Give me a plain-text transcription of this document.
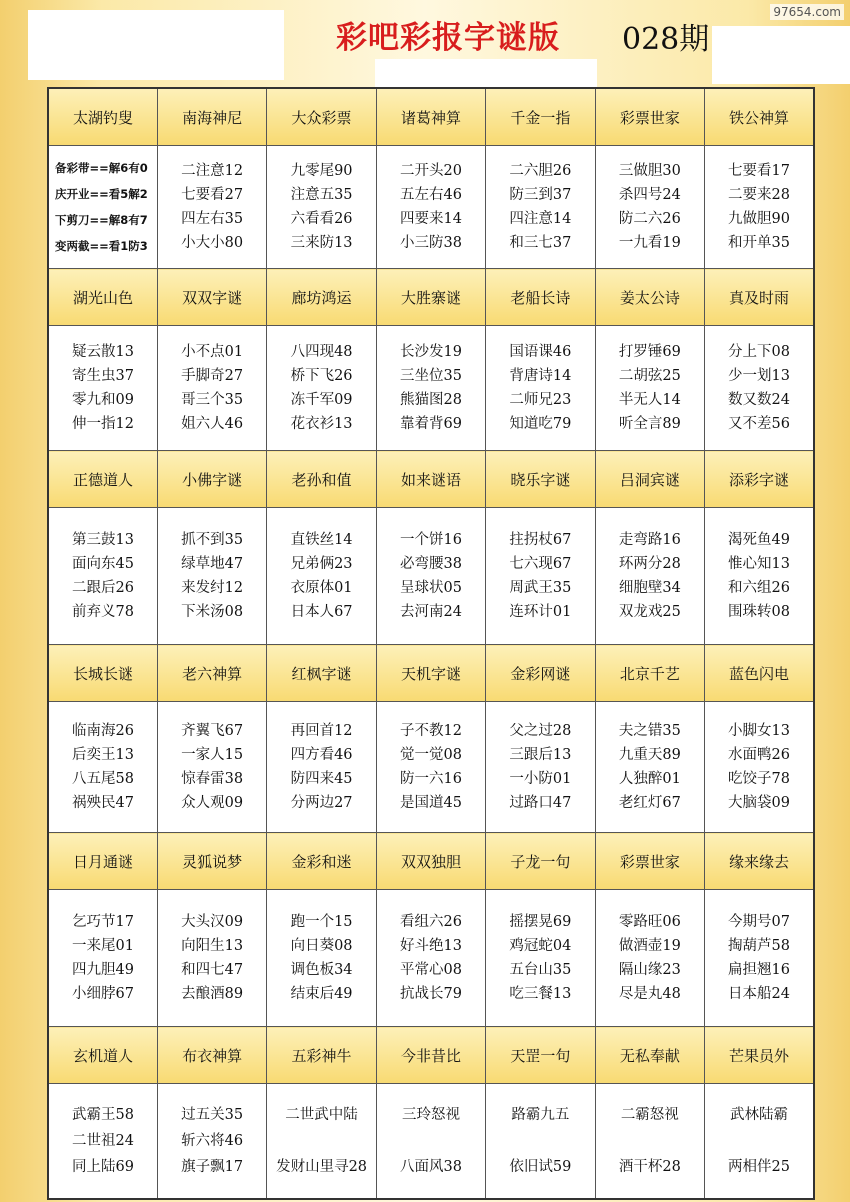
彩吧彩报字谜版 028期
97654.com
太湖钓叟	南海神尼	大众彩票	诸葛神算	千金一指	彩票世家	铁公神算

备彩带==解6有0
庆开业==看5解2
下剪刀==解8有7
变两截==看1防3	二注意12
七要看27
四左右35
小大小80	九零尾90
注意五35
六看看26
三来防13	二开头20
五左右46
四要来14
小三防38	二六胆26
防三到37
四注意14
和三七37	三做胆30
杀四号24
防二六26
一九看19	七要看17
二要来28
九做胆90
和开单35

湖光山色	双双字谜	廊坊鸿运	大胜寨谜	老船长诗	姜太公诗	真及时雨

疑云散13
寄生虫37
零九和09
伸一指12	小不点01
手脚奇27
哥三个35
姐六人46	八四现48
桥下飞26
冻千军09
花衣衫13	长沙发19
三坐位35
熊猫图28
靠着背69	国语课46
背唐诗14
二师兄23
知道吃79	打罗锤69
二胡弦25
半无人14
听全言89	分上下08
少一划13
数又数24
又不差56

正德道人	小佛字谜	老孙和值	如来谜语	晓乐字谜	吕洞宾谜	添彩字谜

第三鼓13
面向东45
二跟后26
前弃义78	抓不到35
绿草地47
来发纣12
下米汤08	直铁丝14
兄弟俩23
衣原体01
日本人67	一个饼16
必弯腰38
呈球状05
去河南24	拄拐杖67
七六现67
周武王35
连环计01	走弯路16
环两分28
细胞壁34
双龙戏25	渴死鱼49
惟心知13
和六组26
围珠转08

长城长谜	老六神算	红枫字谜	天机字谜	金彩网谜	北京千艺	蓝色闪电

临南海26
后奕王13
八五尾58
祸殃民47	齐翼飞67
一家人15
惊春雷38
众人观09	再回首12
四方看46
防四来45
分两边27	子不教12
觉一觉08
防一六16
是国道45	父之过28
三跟后13
一小防01
过路口47	夫之错35
九重天89
人独醉01
老红灯67	小脚女13
水面鸭26
吃饺子78
大脑袋09

日月通谜	灵狐说梦	金彩和迷	双双独胆	子龙一句	彩票世家	缘来缘去

乞巧节17
一来尾01
四九胆49
小细脖67	大头汉09
向阳生13
和四七47
去酿酒89	跑一个15
向日葵08
调色板34
结束后49	看组六26
好斗绝13
平常心08
抗战长79	摇摆晃69
鸡冠蛇04
五台山35
吃三餐13	零路旺06
做酒壶19
隔山缘23
尽是丸48	今期号07
掏葫芦58
扁担翘16
日本船24

玄机道人	布衣神算	五彩神牛	今非昔比	天罡一句	无私奉献	芒果员外

武霸王58
二世祖24
同上陆69	过五关35
斩六将46
旗子飘17	二世武中陆

发财山里寻28	三玲怒视

八面风38	路霸九五

依旧试59	二霸怒视

酒干杯28	武林陆霸

两相伴25
